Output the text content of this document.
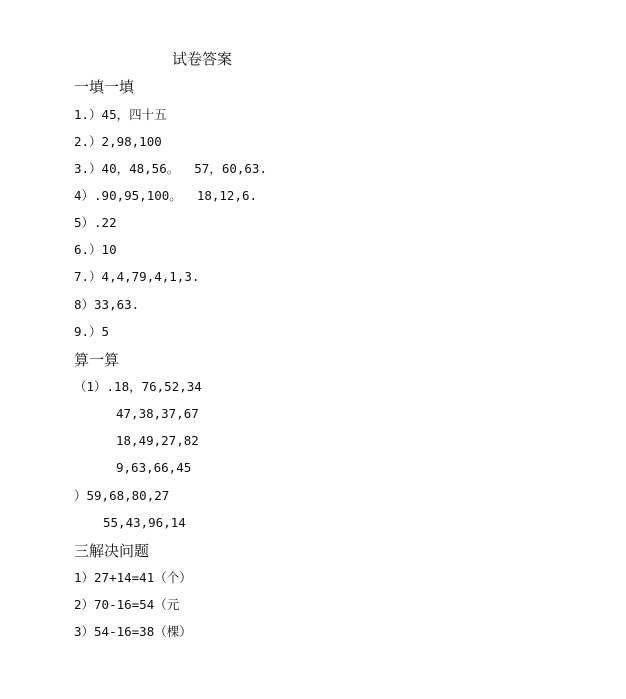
试卷答案
一填一填
1.）45，四十五
2.）2,98,100
3.）40，48,56。  57，60,63.
4）.90,95,100。  18,12,6.
5）.22
6.）10
7.）4,4,79,4,1,3.
8）33,63.
9.）5
算一算
（1）.18，76,52,34
47,38,37,67
18,49,27,82
9,63,66,45
）59,68,80,27
55,43,96,14
三解决问题
1）27+14=41（个）
2）70-16=54（元
3）54-16=38（棵）
